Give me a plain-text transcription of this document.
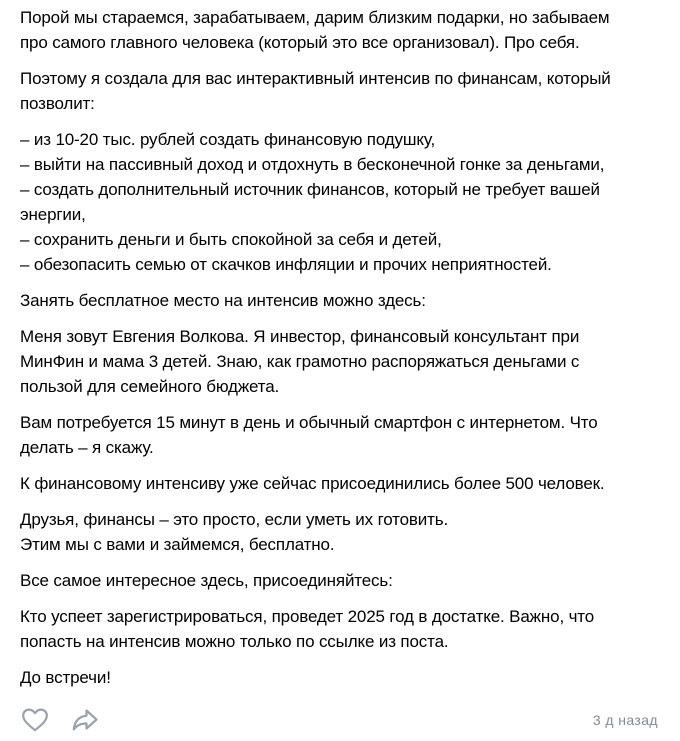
Порой мы стараемся, зарабатываем, дарим близким подарки, но забываем
про самого главного человека (который это все организовал). Про себя.

Поэтому я создала для вас интерактивный интенсив по финансам, который
позволит:

– из 10-20 тыс. рублей создать финансовую подушку,
– выйти на пассивный доход и отдохнуть в бесконечной гонке за деньгами,
– создать дополнительный источник финансов, который не требует вашей
энергии,
– сохранить деньги и быть спокойной за себя и детей,
– обезопасить семью от скачков инфляции и прочих неприятностей.

Занять бесплатное место на интенсив можно здесь:

Меня зовут Евгения Волкова. Я инвестор, финансовый консультант при
МинФин и мама 3 детей. Знаю, как грамотно распоряжаться деньгами с
пользой для семейного бюджета.

Вам потребуется 15 минут в день и обычный смартфон с интернетом. Что
делать – я скажу.

К финансовому интенсиву уже сейчас присоединились более 500 человек.

Друзья, финансы – это просто, если уметь их готовить.
Этим мы с вами и займемся, бесплатно.

Все самое интересное здесь, присоединяйтесь:

Кто успеет зарегистрироваться, проведет 2025 год в достатке. Важно, что
попасть на интенсив можно только по ссылке из поста.

До встречи!

3 д назад
